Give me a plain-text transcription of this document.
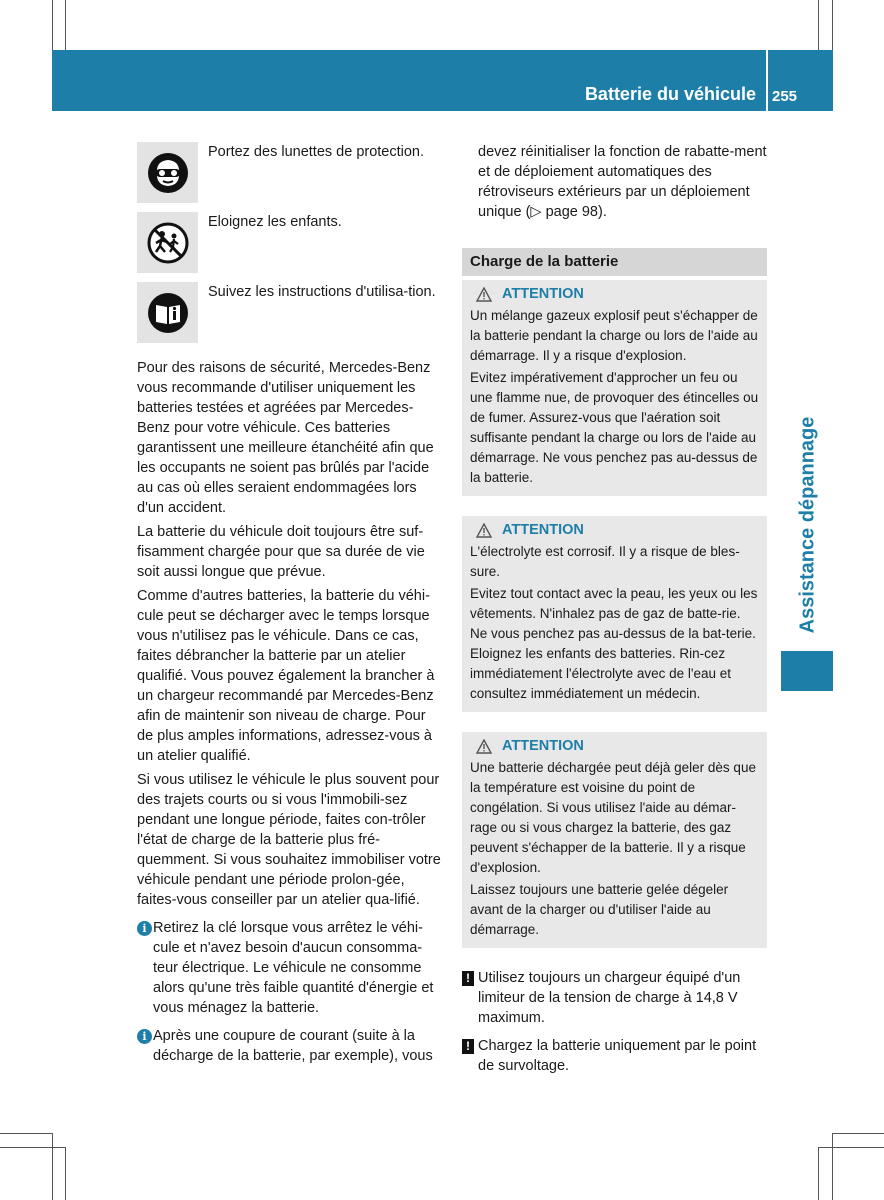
Batterie du véhicule 255
Assistance dépannage
Portez des lunettes de protection.
Eloignez les enfants.
Suivez les instructions d'utilisa-tion.

Pour des raisons de sécurité, Mercedes-Benz vous recommande d'utiliser uniquement les batteries testées et agréées par Mercedes-Benz pour votre véhicule. Ces batteries garantissent une meilleure étanchéité afin que les occupants ne soient pas brûlés par l'acide au cas où elles seraient endommagées lors d'un accident.

La batterie du véhicule doit toujours être suf-fisamment chargée pour que sa durée de vie soit aussi longue que prévue.

Comme d'autres batteries, la batterie du véhi-cule peut se décharger avec le temps lorsque vous n'utilisez pas le véhicule. Dans ce cas, faites débrancher la batterie par un atelier qualifié. Vous pouvez également la brancher à un chargeur recommandé par Mercedes-Benz afin de maintenir son niveau de charge. Pour de plus amples informations, adressez-vous à un atelier qualifié.

Si vous utilisez le véhicule le plus souvent pour des trajets courts ou si vous l'immobili-sez pendant une longue période, faites con-trôler l'état de charge de la batterie plus fré-quemment. Si vous souhaitez immobiliser votre véhicule pendant une période prolon-gée, faites-vous conseiller par un atelier qua-lifié.

i Retirez la clé lorsque vous arrêtez le véhi-cule et n'avez besoin d'aucun consomma-teur électrique. Le véhicule ne consomme alors qu'une très faible quantité d'énergie et vous ménagez la batterie.
i Après une coupure de courant (suite à la décharge de la batterie, par exemple), vous

devez réinitialiser la fonction de rabatte-ment et de déploiement automatiques des rétroviseurs extérieurs par un déploiement unique (▷ page 98).

Charge de la batterie
ATTENTION

Un mélange gazeux explosif peut s'échapper de la batterie pendant la charge ou lors de l'aide au démarrage. Il y a risque d'explosion.

Evitez impérativement d'approcher un feu ou une flamme nue, de provoquer des étincelles ou de fumer. Assurez-vous que l'aération soit suffisante pendant la charge ou lors de l'aide au démarrage. Ne vous penchez pas au-dessus de la batterie.

ATTENTION

L'électrolyte est corrosif. Il y a risque de bles-sure.

Evitez tout contact avec la peau, les yeux ou les vêtements. N'inhalez pas de gaz de batte-rie. Ne vous penchez pas au-dessus de la bat-terie. Eloignez les enfants des batteries. Rin-cez immédiatement l'électrolyte avec de l'eau et consultez immédiatement un médecin.

ATTENTION

Une batterie déchargée peut déjà geler dès que la température est voisine du point de congélation. Si vous utilisez l'aide au démar-rage ou si vous chargez la batterie, des gaz peuvent s'échapper de la batterie. Il y a risque d'explosion.

Laissez toujours une batterie gelée dégeler avant de la charger ou d'utiliser l'aide au démarrage.

! Utilisez toujours un chargeur équipé d'un limiteur de la tension de charge à 14,8 V maximum.
! Chargez la batterie uniquement par le point de survoltage.
